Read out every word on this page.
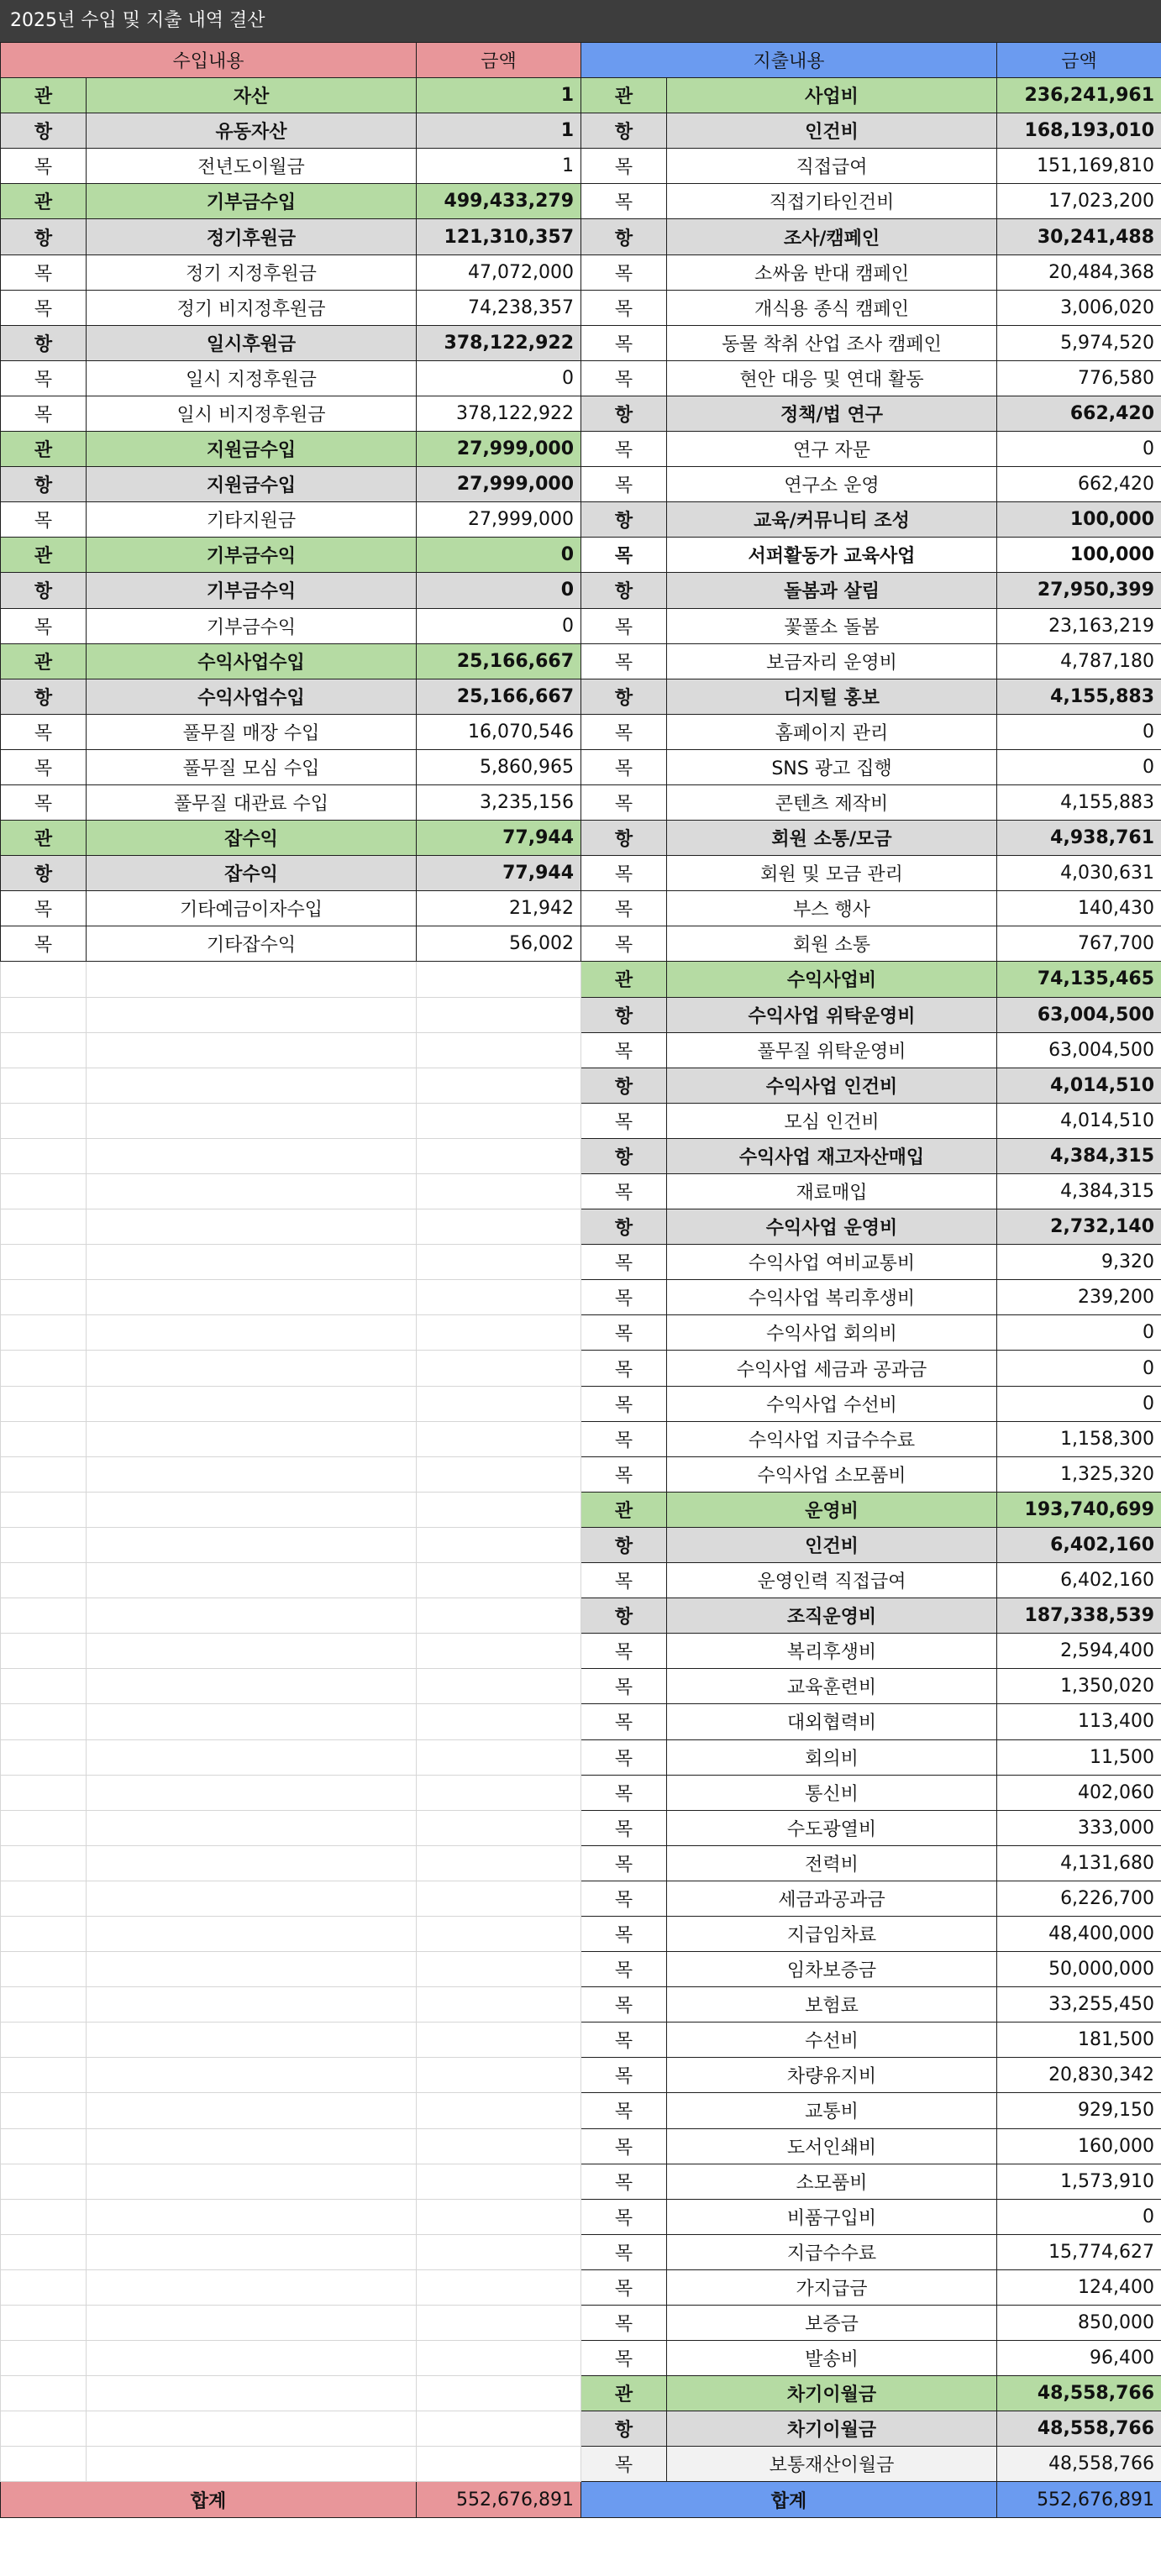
2025년 수입 및 지출 내역 결산
수입내용		금액	지출내용		금액
관	자산	1	관	사업비	236,241,961
항	유동자산	1	항	인건비	168,193,010
목	전년도이월금	1	목	직접급여	151,169,810
관	기부금수입	499,433,279	목	직접기타인건비	17,023,200
항	정기후원금	121,310,357	항	조사/캠페인	30,241,488
목	정기 지정후원금	47,072,000	목	소싸움 반대 캠페인	20,484,368
목	정기 비지정후원금	74,238,357	목	개식용 종식 캠페인	3,006,020
항	일시후원금	378,122,922	목	동물 착취 산업 조사 캠페인	5,974,520
목	일시 지정후원금	0	목	현안 대응 및 연대 활동	776,580
목	일시 비지정후원금	378,122,922	항	정책/법 연구	662,420
관	지원금수입	27,999,000	목	연구 자문	0
항	지원금수입	27,999,000	목	연구소 운영	662,420
목	기타지원금	27,999,000	항	교육/커뮤니티 조성	100,000
관	기부금수익	0	목	서퍼활동가 교육사업	100,000
항	기부금수익	0	항	돌봄과 살림	27,950,399
목	기부금수익	0	목	꽃풀소 돌봄	23,163,219
관	수익사업수입	25,166,667	목	보금자리 운영비	4,787,180
항	수익사업수입	25,166,667	항	디지털 홍보	4,155,883
목	풀무질 매장 수입	16,070,546	목	홈페이지 관리	0
목	풀무질 모심 수입	5,860,965	목	SNS 광고 집행	0
목	풀무질 대관료 수입	3,235,156	목	콘텐츠 제작비	4,155,883
관	잡수익	77,944	항	회원 소통/모금	4,938,761
항	잡수익	77,944	목	회원 및 모금 관리	4,030,631
목	기타예금이자수입	21,942	목	부스 행사	140,430
목	기타잡수익	56,002	목	회원 소통	767,700
			관	수익사업비	74,135,465
			항	수익사업 위탁운영비	63,004,500
			목	풀무질 위탁운영비	63,004,500
			항	수익사업 인건비	4,014,510
			목	모심 인건비	4,014,510
			항	수익사업 재고자산매입	4,384,315
			목	재료매입	4,384,315
			항	수익사업 운영비	2,732,140
			목	수익사업 여비교통비	9,320
			목	수익사업 복리후생비	239,200
			목	수익사업 회의비	0
			목	수익사업 세금과 공과금	0
			목	수익사업 수선비	0
			목	수익사업 지급수수료	1,158,300
			목	수익사업 소모품비	1,325,320
			관	운영비	193,740,699
			항	인건비	6,402,160
			목	운영인력 직접급여	6,402,160
			항	조직운영비	187,338,539
			목	복리후생비	2,594,400
			목	교육훈련비	1,350,020
			목	대외협력비	113,400
			목	회의비	11,500
			목	통신비	402,060
			목	수도광열비	333,000
			목	전력비	4,131,680
			목	세금과공과금	6,226,700
			목	지급임차료	48,400,000
			목	임차보증금	50,000,000
			목	보험료	33,255,450
			목	수선비	181,500
			목	차량유지비	20,830,342
			목	교통비	929,150
			목	도서인쇄비	160,000
			목	소모품비	1,573,910
			목	비품구입비	0
			목	지급수수료	15,774,627
			목	가지급금	124,400
			목	보증금	850,000
			목	발송비	96,400
			관	차기이월금	48,558,766
			항	차기이월금	48,558,766
			목	보통재산이월금	48,558,766
합계		552,676,891	합계		552,676,891
